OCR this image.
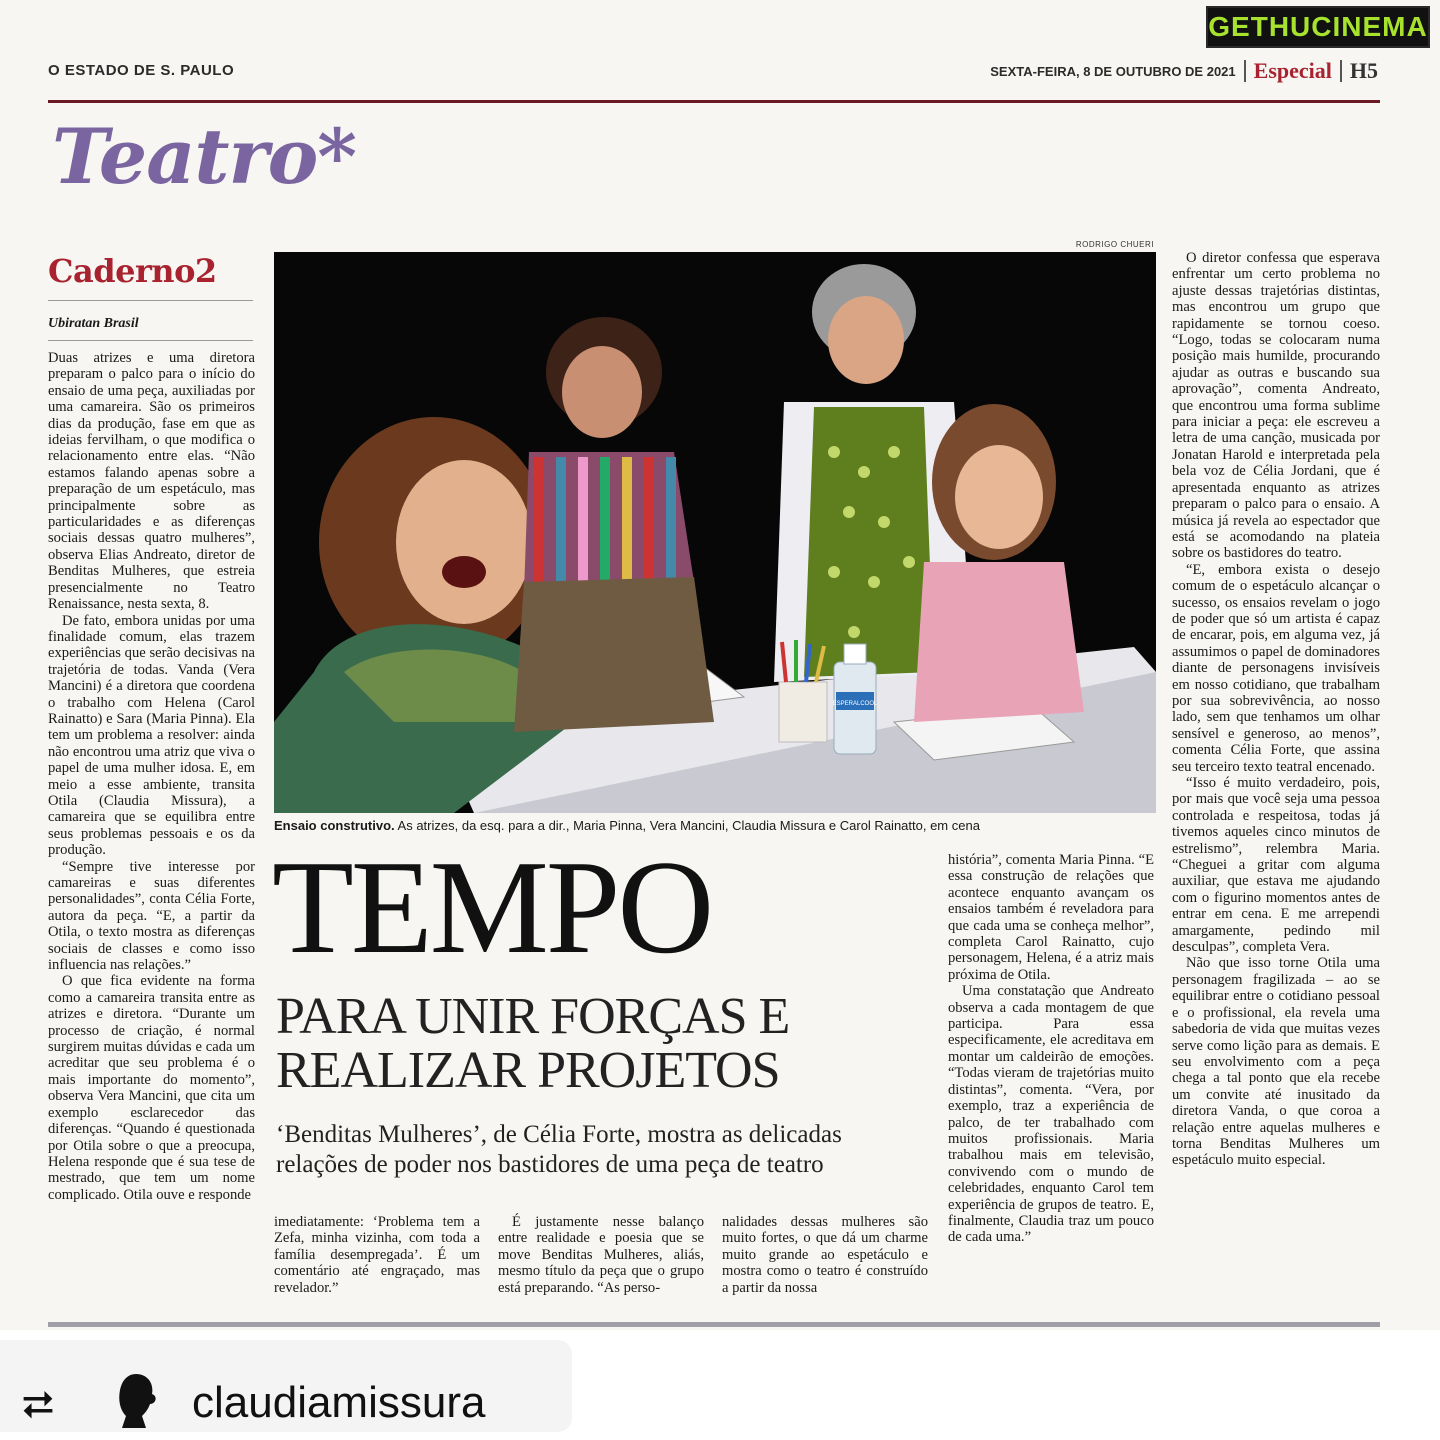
GETHUCINEMA
O ESTADO DE S. PAULO	SEXTA-FEIRA, 8 DE OUTUBRO DE 2021 Especial H5
Teatro*
Caderno2
Ubiratan Brasil

Duas atrizes e uma diretora preparam o palco para o início do ensaio de uma peça, auxiliadas por uma camareira. São os primeiros dias da produção, fase em que as ideias fervilham, o que modifica o relacionamento entre elas. “Não estamos falando apenas sobre a preparação de um espetáculo, mas principalmente sobre as particularidades e as diferenças sociais dessas quatro mulheres”, observa Elias Andreato, diretor de Benditas Mulheres, que estreia presencialmente no Teatro Renaissance, nesta sexta, 8.

De fato, embora unidas por uma finalidade comum, elas trazem experiências que serão decisivas na trajetória de todas. Vanda (Vera Mancini) é a diretora que coordena o trabalho com Helena (Carol Rainatto) e Sara (Maria Pinna). Ela tem um problema a resolver: ainda não encontrou uma atriz que viva o papel de uma mulher idosa. E, em meio a esse ambiente, transita Otila (Claudia Missura), a camareira que se equilibra entre seus problemas pessoais e os da produção.

“Sempre tive interesse por camareiras e suas diferentes personalidades”, conta Célia Forte, autora da peça. “E, a partir da Otila, o texto mostra as diferenças sociais de classes e como isso influencia nas relações.”

O que fica evidente na forma como a camareira transita entre as atrizes e diretora. “Durante um processo de criação, é normal surgirem muitas dúvidas e cada um acreditar que seu problema é o mais importante do momento”, observa Vera Mancini, que cita um exemplo esclarecedor das diferenças. “Quando é questionada por Otila sobre o que a preocupa, Helena responde que é sua tese de mestrado, que tem um nome complicado. Otila ouve e responde

RODRIGO CHUERI
ESPERALCOOL
Ensaio construtivo. As atrizes, da esq. para a dir., Maria Pinna, Vera Mancini, Claudia Missura e Carol Rainatto, em cena
TEMPO
PARA UNIR FORÇAS E
REALIZAR PROJETOS
‘Benditas Mulheres’, de Célia Forte, mostra as delicadas relações de poder nos bastidores de uma peça de teatro

imediatamente: ‘Problema tem a Zefa, minha vizinha, com toda a família desempregada’. É um comentário até engraçado, mas revelador.”

É justamente nesse balanço entre realidade e poesia que se move Benditas Mulheres, aliás, mesmo título da peça que o grupo está preparando. “As perso-

nalidades dessas mulheres são muito fortes, o que dá um charme muito grande ao espetáculo e mostra como o teatro é construído a partir da nossa

história”, comenta Maria Pinna. “E essa construção de relações que acontece enquanto avançam os ensaios também é reveladora para que cada uma se conheça melhor”, completa Carol Rainatto, cujo personagem, Helena, é a atriz mais próxima de Otila.

Uma constatação que Andreato observa a cada montagem de que participa. Para essa especificamente, ele acreditava em montar um caldeirão de emoções. “Todas vieram de trajetórias muito distintas”, comenta. “Vera, por exemplo, traz a experiência de palco, de ter trabalhado com muitos profissionais. Maria trabalhou mais em televisão, convivendo com o mundo de celebridades, enquanto Carol tem experiência de grupos de teatro. E, finalmente, Claudia traz um pouco de cada uma.”

O diretor confessa que esperava enfrentar um certo problema no ajuste dessas trajetórias distintas, mas encontrou um grupo que rapidamente se tornou coeso. “Logo, todas se colocaram numa posição mais humilde, procurando ajudar as outras e buscando sua aprovação”, comenta Andreato, que encontrou uma forma sublime para iniciar a peça: ele escreveu a letra de uma canção, musicada por Jonatan Harold e interpretada pela bela voz de Célia Jordani, que é apresentada enquanto as atrizes preparam o palco para o ensaio. A música já revela ao espectador que está se acomodando na plateia sobre os bastidores do teatro.

“E, embora exista o desejo comum de o espetáculo alcançar o sucesso, os ensaios revelam o jogo de poder que só um artista é capaz de encarar, pois, em alguma vez, já assumimos o papel de dominadores diante de personagens invisíveis em nosso cotidiano, que trabalham por sua sobrevivência, ao nosso lado, sem que tenhamos um olhar sensível e generoso, ao menos”, comenta Célia Forte, que assina seu terceiro texto teatral encenado.

“Isso é muito verdadeiro, pois, por mais que você seja uma pessoa controlada e respeitosa, todas já tivemos aqueles cinco minutos de estrelismo”, relembra Maria. “Cheguei a gritar com alguma auxiliar, que estava me ajudando com o figurino momentos antes de entrar em cena. E me arrependi amargamente, pedindo mil desculpas”, completa Vera.

Não que isso torne Otila uma personagem fragilizada – ao se equilibrar entre o cotidiano pessoal e o profissional, ela revela uma sabedoria de vida que muitas vezes serve como lição para as demais. E seu envolvimento com a peça chega a tal ponto que ela recebe um convite até inusitado da diretora Vanda, o que coroa a relação entre aquelas mulheres e torna Benditas Mulheres um espetáculo muito especial.

⮂	claudiamissura
